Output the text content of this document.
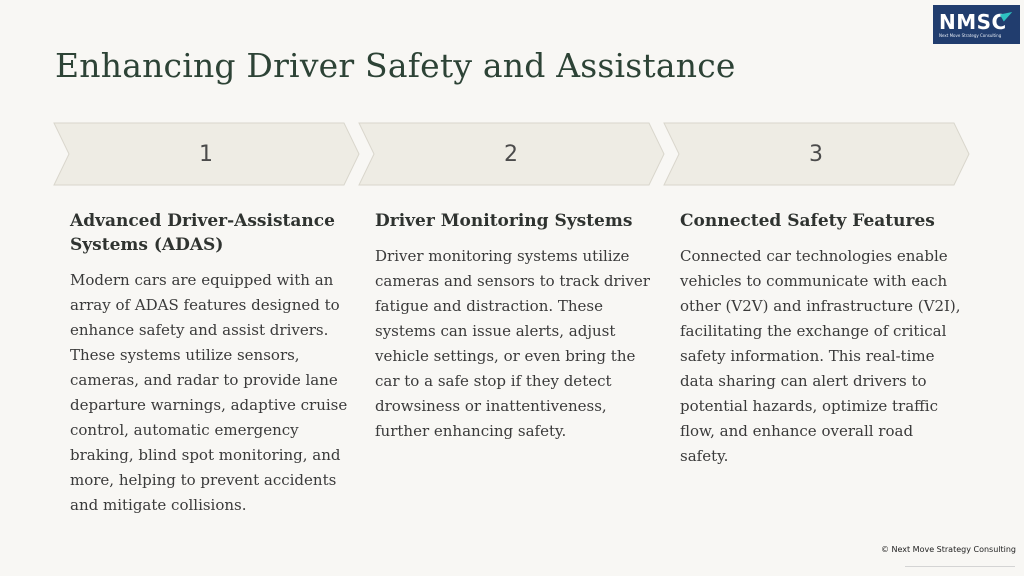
Enhancing Driver Safety and Assistance
NMSC
Next Move Strategy Consulting
1	2	3
Advanced Driver-Assistance Systems (ADAS)

Modern cars are equipped with an array of ADAS features designed to enhance safety and assist drivers. These systems utilize sensors, cameras, and radar to provide lane departure warnings, adaptive cruise control, automatic emergency braking, blind spot monitoring, and more, helping to prevent accidents and mitigate collisions.

Driver Monitoring Systems

Driver monitoring systems utilize cameras and sensors to track driver fatigue and distraction. These systems can issue alerts, adjust vehicle settings, or even bring the car to a safe stop if they detect drowsiness or inattentiveness, further enhancing safety.

Connected Safety Features

Connected car technologies enable vehicles to communicate with each other (V2V) and infrastructure (V2I), facilitating the exchange of critical safety information. This real-time data sharing can alert drivers to potential hazards, optimize traffic flow, and enhance overall road safety.

© Next Move Strategy Consulting
